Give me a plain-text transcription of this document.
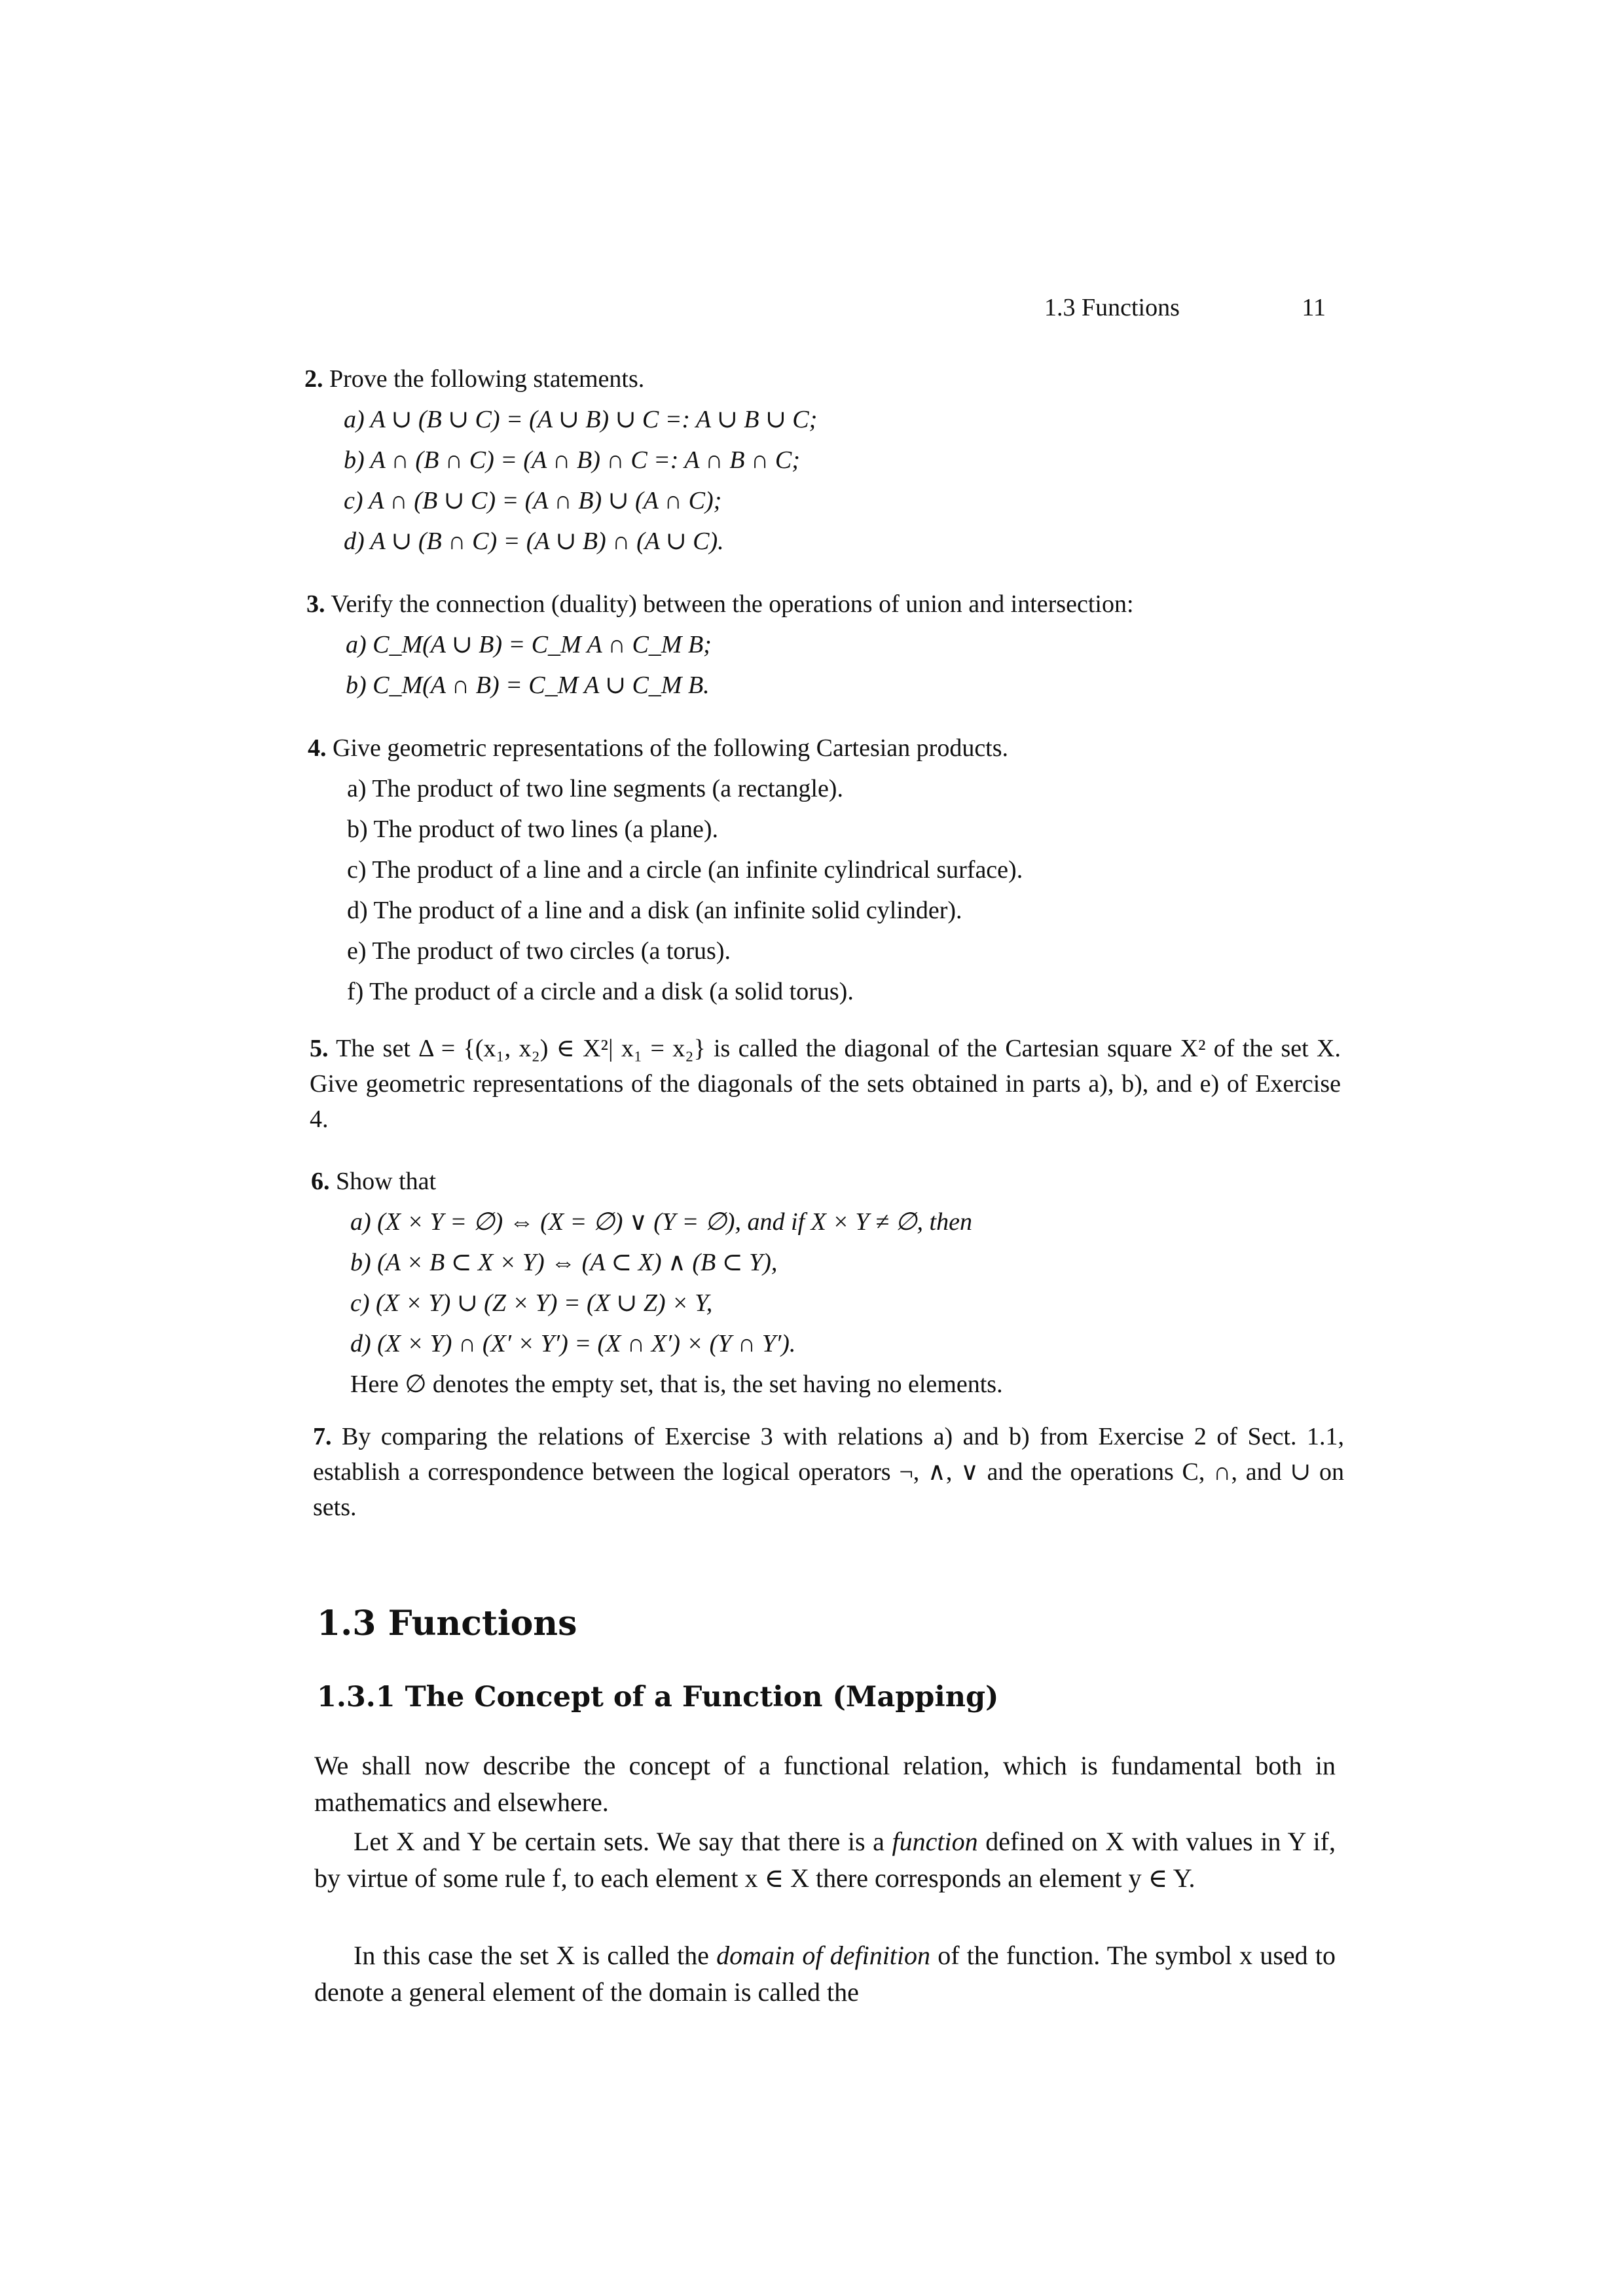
1.3 Functions	11
2. Prove the following statements.
a) A ∪ (B ∪ C) = (A ∪ B) ∪ C =: A ∪ B ∪ C;
b) A ∩ (B ∩ C) = (A ∩ B) ∩ C =: A ∩ B ∩ C;
c) A ∩ (B ∪ C) = (A ∩ B) ∪ (A ∩ C);
d) A ∪ (B ∩ C) = (A ∪ B) ∩ (A ∪ C).
3. Verify the connection (duality) between the operations of union and intersection:
a) C_M(A ∪ B) = C_M A ∩ C_M B;
b) C_M(A ∩ B) = C_M A ∪ C_M B.
4. Give geometric representations of the following Cartesian products.
a) The product of two line segments (a rectangle).
b) The product of two lines (a plane).
c) The product of a line and a circle (an infinite cylindrical surface).
d) The product of a line and a disk (an infinite solid cylinder).
e) The product of two circles (a torus).
f) The product of a circle and a disk (a solid torus).
5. The set Δ = {(x₁, x₂) ∈ X²| x₁ = x₂} is called the diagonal of the Cartesian square X² of the set X. Give geometric representations of the diagonals of the sets obtained in parts a), b), and e) of Exercise 4.
6. Show that
a) (X × Y = ∅) ⇔ (X = ∅) ∨ (Y = ∅), and if X × Y ≠ ∅, then
b) (A × B ⊂ X × Y) ⇔ (A ⊂ X) ∧ (B ⊂ Y),
c) (X × Y) ∪ (Z × Y) = (X ∪ Z) × Y,
d) (X × Y) ∩ (X′ × Y′) = (X ∩ X′) × (Y ∩ Y′).
Here ∅ denotes the empty set, that is, the set having no elements.
7. By comparing the relations of Exercise 3 with relations a) and b) from Exercise 2 of Sect. 1.1, establish a correspondence between the logical operators ¬, ∧, ∨ and the operations C, ∩, and ∪ on sets.
1.3 Functions
1.3.1 The Concept of a Function (Mapping)
We shall now describe the concept of a functional relation, which is fundamental both in mathematics and elsewhere.
Let X and Y be certain sets. We say that there is a function defined on X with values in Y if, by virtue of some rule f, to each element x ∈ X there corresponds an element y ∈ Y.
In this case the set X is called the domain of definition of the function. The symbol x used to denote a general element of the domain is called the
